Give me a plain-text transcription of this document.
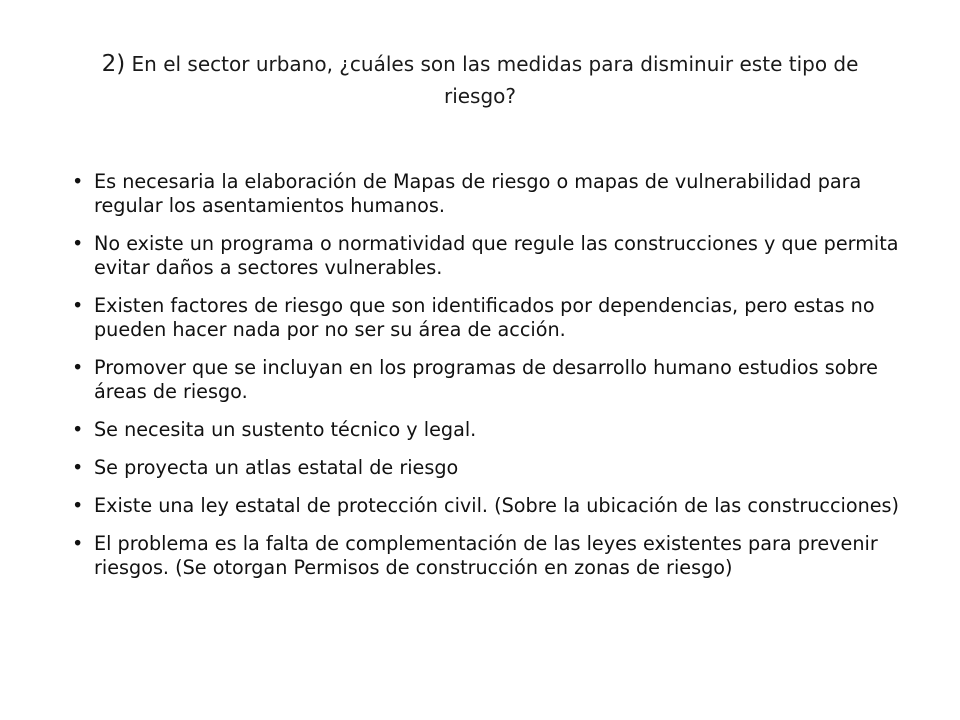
2) En el sector urbano, ¿cuáles son las medidas para disminuir este tipo de riesgo?
• Es necesaria la elaboración de Mapas de riesgo o mapas de vulnerabilidad para regular los asentamientos humanos.
• No existe un programa o normatividad que regule las construcciones y que permita evitar daños a sectores vulnerables.
• Existen factores de riesgo que son identificados por dependencias, pero estas no pueden hacer nada por no ser su área de acción.
• Promover que se incluyan en los programas de desarrollo humano estudios sobre áreas de riesgo.
• Se necesita un sustento técnico y legal.
• Se proyecta un atlas estatal de riesgo
• Existe una ley estatal de protección civil. (Sobre la ubicación de las construcciones)
• El problema es la falta de complementación de las leyes existentes para prevenir riesgos. (Se otorgan Permisos de construcción en zonas de riesgo)
